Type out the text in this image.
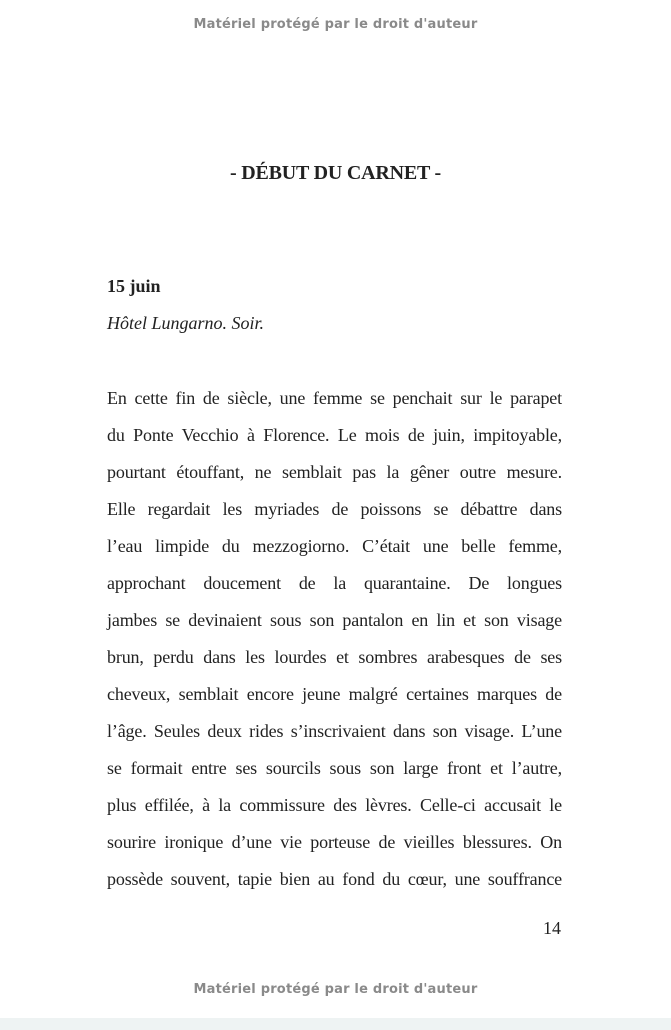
Matériel protégé par le droit d'auteur
- DÉBUT DU CARNET -
15 juin
Hôtel Lungarno. Soir.
En cette fin de siècle, une femme se penchait sur le parapet
du Ponte Vecchio à Florence. Le mois de juin, impitoyable,
pourtant étouffant, ne semblait pas la gêner outre mesure.
Elle regardait les myriades de poissons se débattre dans
l’eau limpide du mezzogiorno. C’était une belle femme,
approchant doucement de la quarantaine. De longues
jambes se devinaient sous son pantalon en lin et son visage
brun, perdu dans les lourdes et sombres arabesques de ses
cheveux, semblait encore jeune malgré certaines marques de
l’âge. Seules deux rides s’inscrivaient dans son visage. L’une
se formait entre ses sourcils sous son large front et l’autre,
plus effilée, à la commissure des lèvres. Celle-ci accusait le
sourire ironique d’une vie porteuse de vieilles blessures. On
possède souvent, tapie bien au fond du cœur, une souffrance
14
Matériel protégé par le droit d'auteur
